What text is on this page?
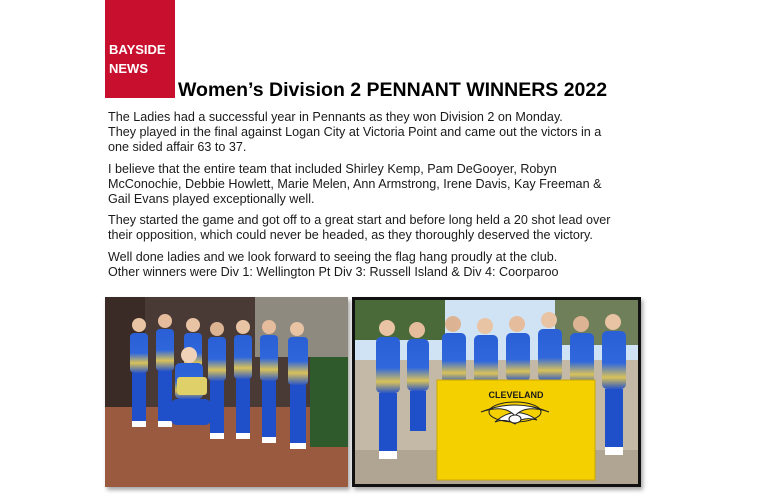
BAYSIDE
NEWS
Women’s Division 2 PENNANT WINNERS 2022

The Ladies had a successful year in Pennants as they won Division 2 on Monday.
They played in the final against Logan City at Victoria Point and came out the victors in a
one sided affair 63 to 37.

I believe that the entire team that included Shirley Kemp, Pam DeGooyer, Robyn
McConochie, Debbie Howlett, Marie Melen, Ann Armstrong, Irene Davis, Kay Freeman &
Gail Evans played exceptionally well.

They started the game and got off to a great start and before long held a 20 shot lead over
their opposition, which could never be headed, as they thoroughly deserved the victory.

Well done ladies and we look forward to seeing the flag hang proudly at the club.
Other winners were Div 1: Wellington Pt Div 3: Russell Island & Div 4: Coorparoo

CLEVELAND
